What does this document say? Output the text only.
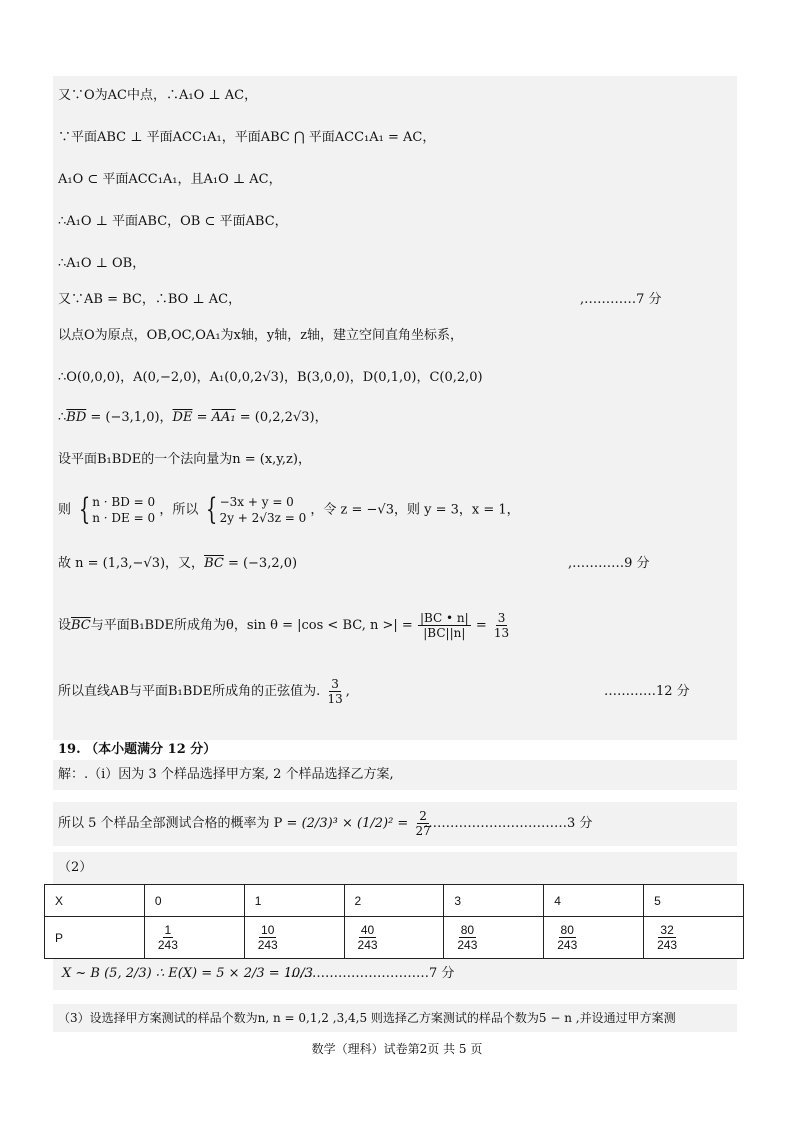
又∵O为AC中点，∴A₁O ⊥ AC，
∵平面ABC ⊥ 平面ACC₁A₁，平面ABC ⋂ 平面ACC₁A₁ = AC，
A₁O ⊂ 平面ACC₁A₁，且A₁O ⊥ AC，
∴A₁O ⊥ 平面ABC，OB ⊂ 平面ABC，
∴A₁O ⊥ OB，
又∵AB = BC，∴BO ⊥ AC，	,…………7 分
以点O为原点，OB,OC,OA₁为x轴，y轴，z轴，建立空间直角坐标系，
∴O(0,0,0)，A(0,−2,0)，A₁(0,0,2√3)，B(3,0,0)，D(0,1,0)，C(0,2,0)
$\therefore\overline{BD} = (-3,1,0)$，$\overline{DE} = AA_1 = (0,2,2√3)$，
设平面B₁BDE的一个法向量为n = (x,y,z)，
则 { n · BD = 0
n · DE = 0
，所以 { −3x + y = 0
2y + 2√3z = 0
，令 z = −√3，则 y = 3，x = 1，
故 n = (1,3,−√3)，又，$\overline{BC} = (-3,2,0)$	,…………9 分
设$\overline{BC}$与平面B₁BDE所成角为θ，sin θ = |cos < BC, n >| = $\frac{|BC • n|}{|BC||n|} = \frac{3}{13}$
所以直线AB与平面B₁BDE所成角的正弦值为. $\frac{3}{13}$ ,	…………12 分
19. （本小题满分 12 分）
解：.（i）因为 3 个样品选择甲方案, 2 个样品选择乙方案,
所以 5 个样品全部测试合格的概率为 $P = (2/3)^3 \times (1/2)^2 = \frac{2}{27}$
……………………………3 分
（2）
X	0	1	2	3	4	5
P	$\frac{1}{243}$	$\frac{10}{243}$	$\frac{40}{243}$	$\frac{80}{243}$	$\frac{80}{243}$	$\frac{32}{243}$
X ~ B (5, 2/3) ∴ E(X) = 5 × 2/3 = 10/3
……………………………7 分
（3）设选择甲方案测试的样品个数为n, n = 0,1,2 ,3,4,5 则选择乙方案测试的样品个数为5 − n ,并设通过甲方案测
数学（理科）试卷第2页 共 5 页
